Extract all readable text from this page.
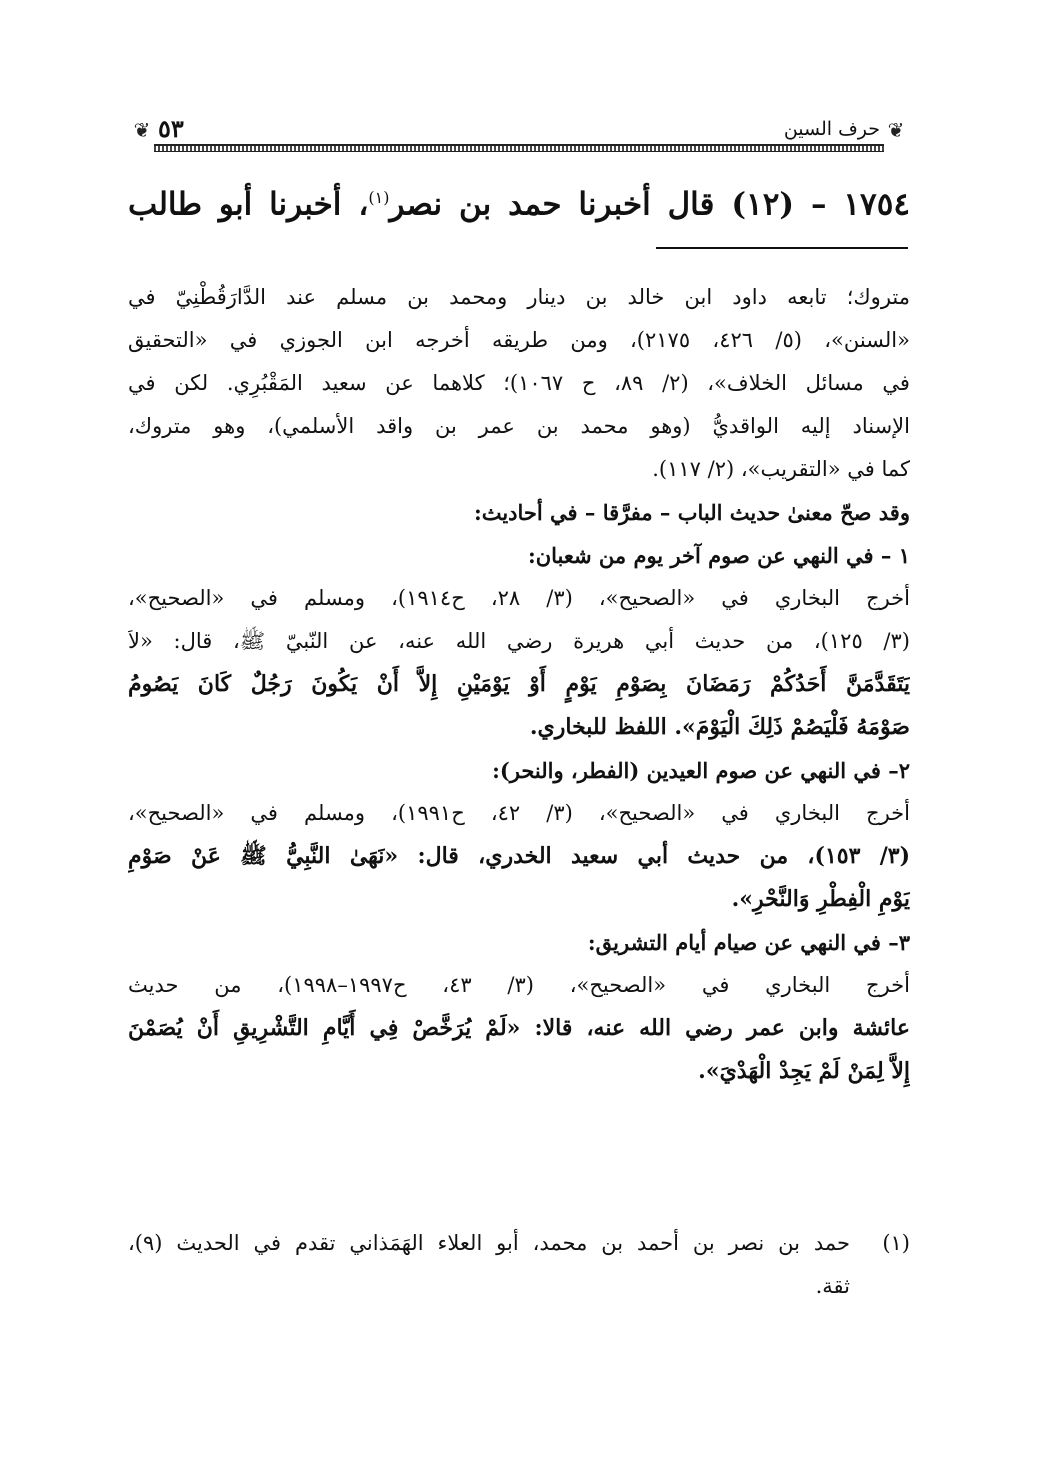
❦ ٥٣	حرف السين ❦
١٧٥٤ – (١٢) قال أخبرنا حمد بن نصر$^{(١)}$، أخبرنا أبو طالب
متروك؛ تابعه داود ابن خالد بن دينار ومحمد بن مسلم عند الدَّارَقُطْنِيّ في
«السنن»، (٥/ ٤٢٦، ٢١٧٥)، ومن طريقه أخرجه ابن الجوزي في «التحقيق
في مسائل الخلاف»، (٢/ ٨٩، ح ١٠٦٧)؛ كلاهما عن سعيد المَقْبُرِي. لكن في
الإسناد إليه الواقديُّ (وهو محمد بن عمر بن واقد الأسلمي)، وهو متروك،
كما في «التقريب»، (٢/ ١١٧).
وقد صحّ معنىٰ حديث الباب – مفرَّقا – في أحاديث:
١ – في النهي عن صوم آخر يوم من شعبان:
أخرج البخاري في «الصحيح»، (٣/ ٢٨، ح١٩١٤)، ومسلم في «الصحيح»،
(٣/ ١٢٥)، من حديث أبي هريرة رضي الله عنه، عن النّبيّ ﷺ، قال: «لاَ
يَتَقَدَّمَنَّ أَحَدُكُمْ رَمَضَانَ بِصَوْمِ يَوْمٍ أَوْ يَوْمَيْنِ إِلاَّ أَنْ يَكُونَ رَجُلٌ كَانَ يَصُومُ
صَوْمَهُ فَلْيَصُمْ ذَلِكَ الْيَوْمَ». اللفظ للبخاري.
٢– في النهي عن صوم العيدين (الفطر، والنحر):
أخرج البخاري في «الصحيح»، (٣/ ٤٢، ح١٩٩١)، ومسلم في «الصحيح»،
(٣/ ١٥٣)، من حديث أبي سعيد الخدري، قال: «نَهَىٰ النَّبِيُّ ﷺ عَنْ صَوْمِ
يَوْمِ الْفِطْرِ وَالنَّحْرِ».
٣– في النهي عن صيام أيام التشريق:
أخرج البخاري في «الصحيح»، (٣/ ٤٣، ح١٩٩٧–١٩٩٨)، من حديث
عائشة وابن عمر رضي الله عنه، قالا: «لَمْ يُرَخَّصْ فِي أَيَّامِ التَّشْرِيقِ أَنْ يُصَمْنَ
إِلاَّ لِمَنْ لَمْ يَجِدْ الْهَدْيَ».
(١)حمد بن نصر بن أحمد بن محمد، أبو العلاء الهَمَذاني تقدم في الحديث (٩)،
ثقة.
